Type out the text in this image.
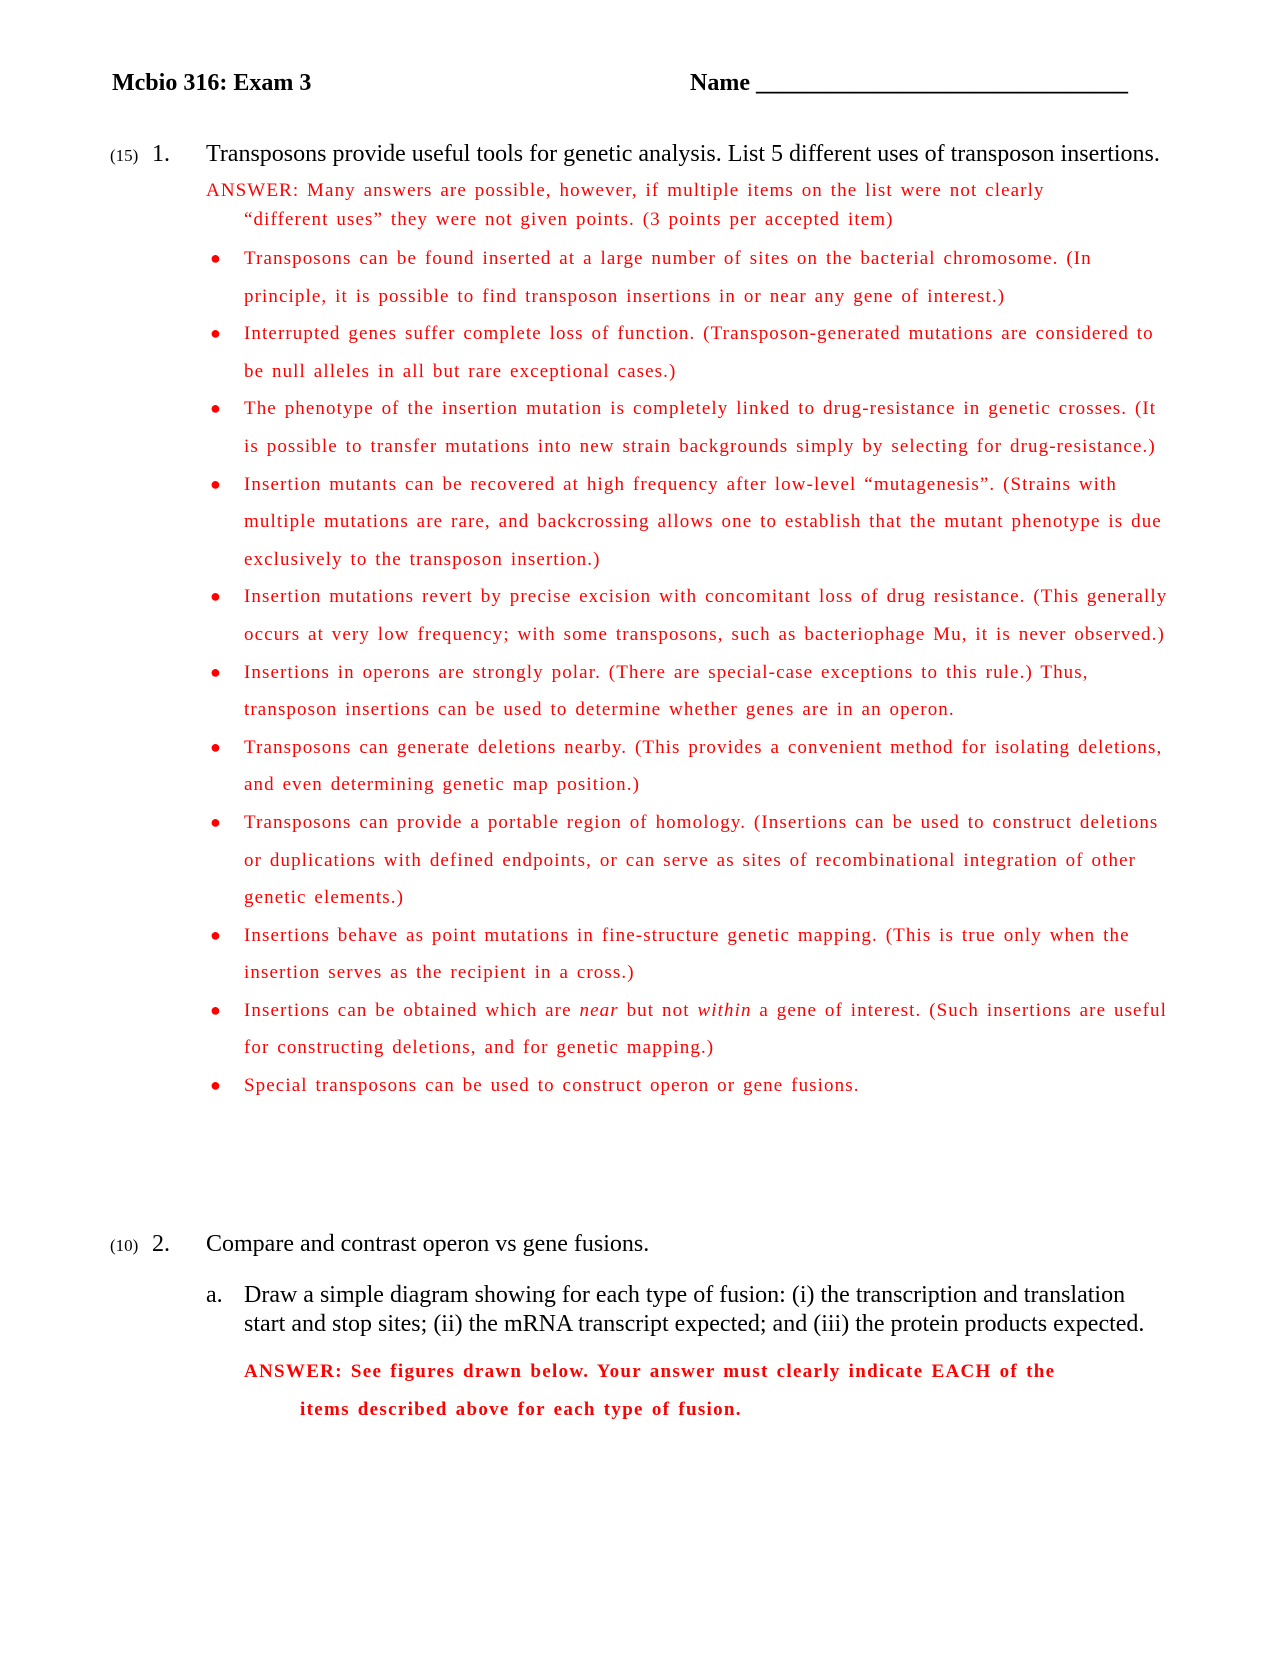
Mcbio 316: Exam 3	Name _______________________________
(15) 1.	Transposons provide useful tools for genetic analysis. List 5 different uses of transposon insertions.
ANSWER: Many answers are possible, however, if multiple items on the list were not clearly
“different uses” they were not given points. (3 points per accepted item)
● Transposons can be found inserted at a large number of sites on the bacterial chromosome. (In principle, it is possible to find transposon insertions in or near any gene of interest.)
● Interrupted genes suffer complete loss of function. (Transposon-generated mutations are considered to be null alleles in all but rare exceptional cases.)
● The phenotype of the insertion mutation is completely linked to drug-resistance in genetic crosses. (It is possible to transfer mutations into new strain backgrounds simply by selecting for drug-resistance.)
● Insertion mutants can be recovered at high frequency after low-level “mutagenesis”. (Strains with multiple mutations are rare, and backcrossing allows one to establish that the mutant phenotype is due exclusively to the transposon insertion.)
● Insertion mutations revert by precise excision with concomitant loss of drug resistance. (This generally occurs at very low frequency; with some transposons, such as bacteriophage Mu, it is never observed.)
● Insertions in operons are strongly polar. (There are special-case exceptions to this rule.) Thus, transposon insertions can be used to determine whether genes are in an operon.
● Transposons can generate deletions nearby. (This provides a convenient method for isolating deletions, and even determining genetic map position.)
● Transposons can provide a portable region of homology. (Insertions can be used to construct deletions or duplications with defined endpoints, or can serve as sites of recombinational integration of other genetic elements.)
● Insertions behave as point mutations in fine-structure genetic mapping. (This is true only when the insertion serves as the recipient in a cross.)
● Insertions can be obtained which are near but not within a gene of interest. (Such insertions are useful for constructing deletions, and for genetic mapping.)
● Special transposons can be used to construct operon or gene fusions.
(10) 2.	Compare and contrast operon vs gene fusions.
a. Draw a simple diagram showing for each type of fusion: (i) the transcription and translation start and stop sites; (ii) the mRNA transcript expected; and (iii) the protein products expected.
ANSWER: See figures drawn below. Your answer must clearly indicate EACH of the
items described above for each type of fusion.
